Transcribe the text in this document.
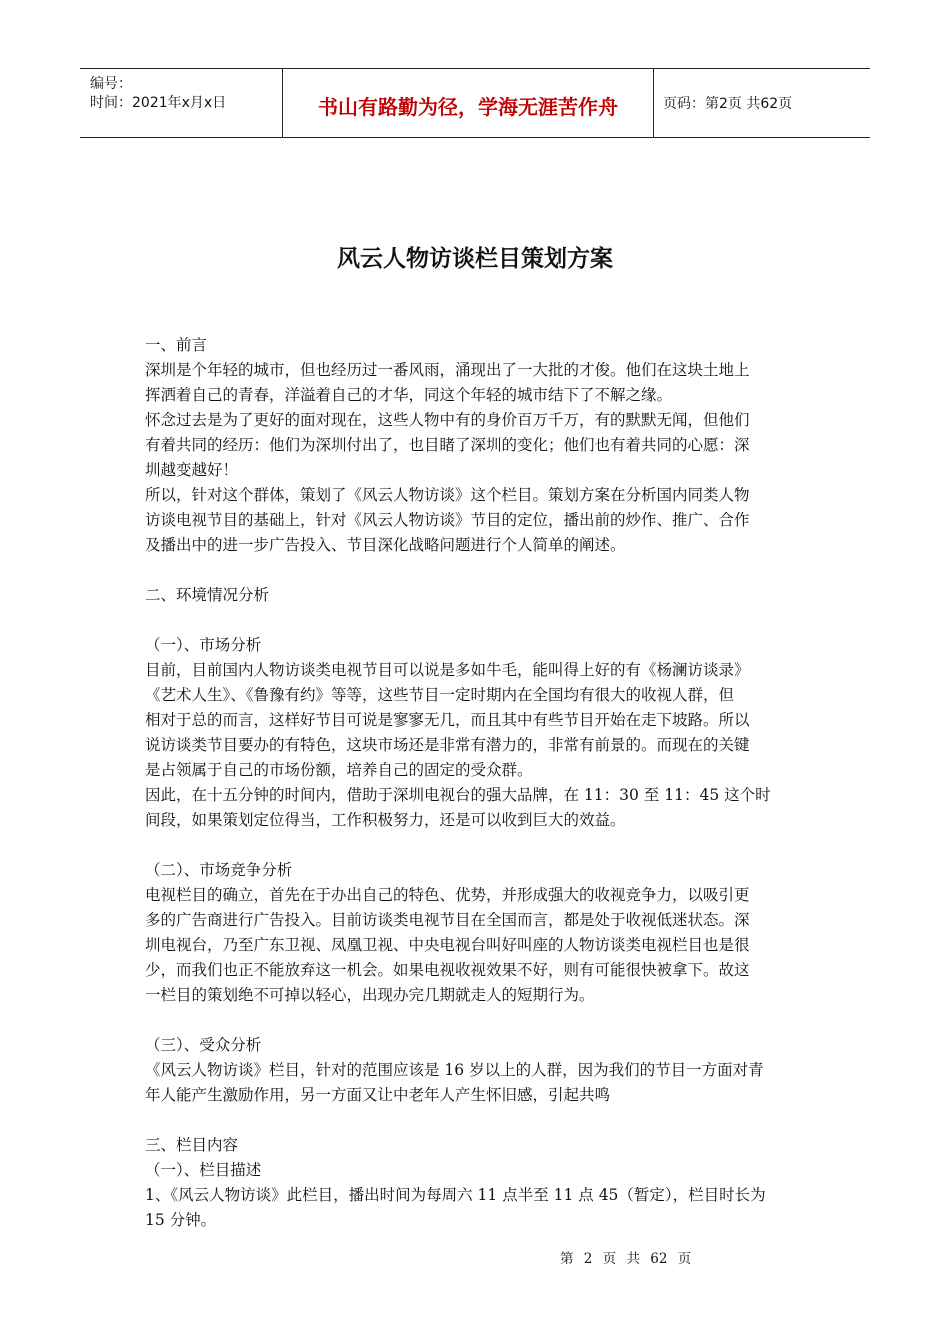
编号：
时间：2021年x月x日	书山有路勤为径，学海无涯苦作舟	页码：第2页 共62页
风云人物访谈栏目策划方案

一、前言

深圳是个年轻的城市，但也经历过一番风雨，涌现出了一大批的才俊。他们在这块土地上

挥洒着自己的青春，洋溢着自己的才华，同这个年轻的城市结下了不解之缘。

怀念过去是为了更好的面对现在，这些人物中有的身价百万千万，有的默默无闻，但他们

有着共同的经历：他们为深圳付出了，也目睹了深圳的变化；他们也有着共同的心愿：深

圳越变越好！

所以，针对这个群体，策划了《风云人物访谈》这个栏目。策划方案在分析国内同类人物

访谈电视节目的基础上，针对《风云人物访谈》节目的定位，播出前的炒作、推广、合作

及播出中的进一步广告投入、节目深化战略问题进行个人简单的阐述。

二、环境情况分析

（一）、市场分析

目前，目前国内人物访谈类电视节目可以说是多如牛毛，能叫得上好的有《杨澜访谈录》

《艺术人生》、《鲁豫有约》等等，这些节目一定时期内在全国均有很大的收视人群，但

相对于总的而言，这样好节目可说是寥寥无几，而且其中有些节目开始在走下坡路。所以

说访谈类节目要办的有特色，这块市场还是非常有潜力的，非常有前景的。而现在的关键

是占领属于自己的市场份额，培养自己的固定的受众群。

因此，在十五分钟的时间内，借助于深圳电视台的强大品牌，在 11：30 至 11：45 这个时

间段，如果策划定位得当，工作积极努力，还是可以收到巨大的效益。

（二）、市场竞争分析

电视栏目的确立，首先在于办出自己的特色、优势，并形成强大的收视竞争力，以吸引更

多的广告商进行广告投入。目前访谈类电视节目在全国而言，都是处于收视低迷状态。深

圳电视台，乃至广东卫视、凤凰卫视、中央电视台叫好叫座的人物访谈类电视栏目也是很

少，而我们也正不能放弃这一机会。如果电视收视效果不好，则有可能很快被拿下。故这

一栏目的策划绝不可掉以轻心，出现办完几期就走人的短期行为。

（三）、受众分析

《风云人物访谈》栏目，针对的范围应该是 16 岁以上的人群，因为我们的节目一方面对青

年人能产生激励作用，另一方面又让中老年人产生怀旧感，引起共鸣

三、栏目内容

（一）、栏目描述

1、《风云人物访谈》此栏目，播出时间为每周六 11 点半至 11 点 45（暂定），栏目时长为

15 分钟。

第 2 页 共 62 页
